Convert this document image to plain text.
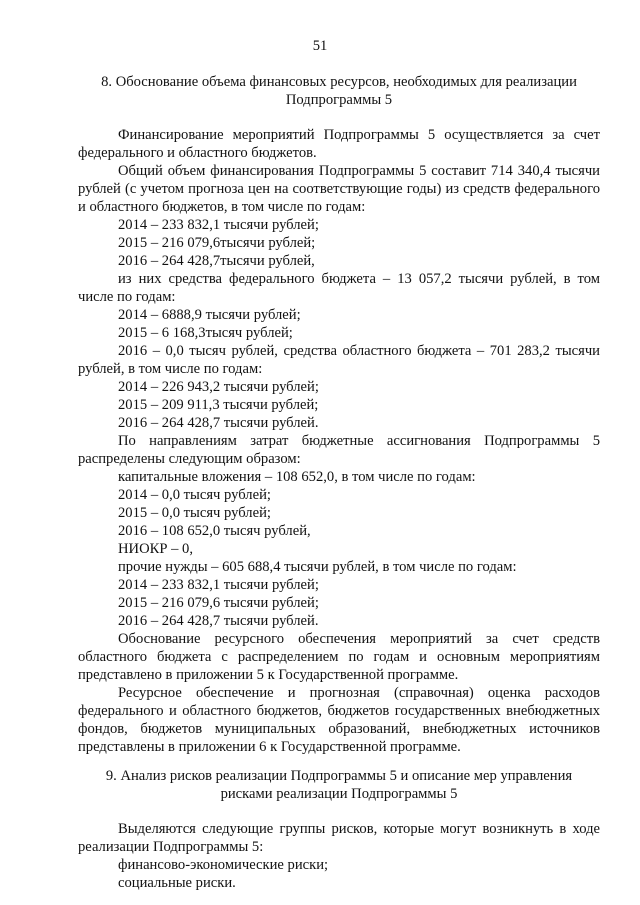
51
8. Обоснование объема финансовых ресурсов, необходимых для реализации
Подпрограммы 5

Финансирование мероприятий Подпрограммы 5 осуществляется за счет федерального и областного бюджетов.

Общий объем финансирования Подпрограммы 5 составит 714 340,4 тысячи рублей (с учетом прогноза цен на соответствующие годы) из средств федерального и областного бюджетов, в том числе по годам:

2014 – 233 832,1 тысячи рублей;

2015 – 216 079,6тысячи рублей;

2016 – 264 428,7тысячи рублей,

из них средства федерального бюджета – 13 057,2 тысячи рублей, в том числе по годам:

2014 – 6888,9 тысячи рублей;

2015 – 6 168,3тысяч рублей;

2016 – 0,0 тысяч рублей, средства областного бюджета – 701 283,2 тысячи рублей, в том числе по годам:

2014 – 226 943,2 тысячи рублей;

2015 – 209 911,3 тысячи рублей;

2016 – 264 428,7 тысячи рублей.

По направлениям затрат бюджетные ассигнования Подпрограммы 5 распределены следующим образом:

капитальные вложения – 108 652,0, в том числе по годам:

2014 – 0,0 тысяч рублей;

2015 – 0,0 тысяч рублей;

2016 – 108 652,0 тысяч рублей,

НИОКР – 0,

прочие нужды – 605 688,4 тысячи рублей, в том числе по годам:

2014 – 233 832,1 тысячи рублей;

2015 – 216 079,6 тысячи рублей;

2016 – 264 428,7 тысячи рублей.

Обоснование ресурсного обеспечения мероприятий за счет средств областного бюджета с распределением по годам и основным мероприятиям представлено в приложении 5 к Государственной программе.

Ресурсное обеспечение и прогнозная (справочная) оценка расходов федерального и областного бюджетов, бюджетов государственных внебюджетных фондов, бюджетов муниципальных образований, внебюджетных источников представлены в приложении 6 к Государственной программе.

9. Анализ рисков реализации Подпрограммы 5 и описание мер управления
рисками реализации Подпрограммы 5

Выделяются следующие группы рисков, которые могут возникнуть в ходе реализации Подпрограммы 5:

финансово-экономические риски;

социальные риски.
